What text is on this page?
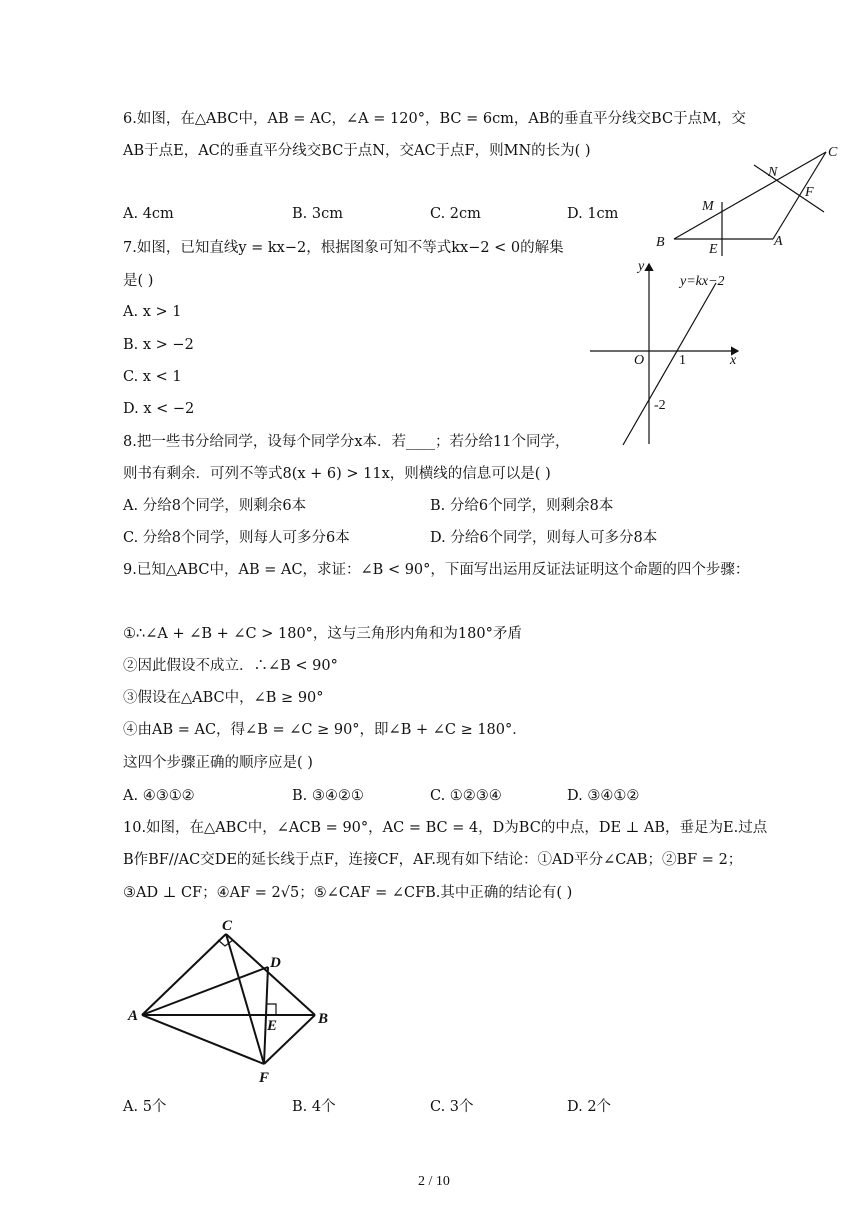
6.如图，在△ABC中，AB = AC，∠A = 120°，BC = 6cm，AB的垂直平分线交BC于点M，交
AB于点E，AC的垂直平分线交BC于点N，交AC于点F，则MN的长为( )
A. 4cm	B. 3cm	C. 2cm	D. 1cm
C
N
F
M
B	E
A
7.如图，已知直线y = kx−2，根据图象可知不等式kx−2 < 0的解集
是( )
A. x > 1
B. x > −2
C. x < 1
D. x < −2
y
y=kx−2
O 1	x
-2
8.把一些书分给同学，设每个同学分x本．若____；若分给11个同学，
则书有剩余．可列不等式8(x + 6) > 11x，则横线的信息可以是( )
A. 分给8个同学，则剩余6本	B. 分给6个同学，则剩余8本
C. 分给8个同学，则每人可多分6本	D. 分给6个同学，则每人可多分8本
9.已知△ABC中，AB = AC，求证：∠B < 90°，下面写出运用反证法证明这个命题的四个步骤：
①∴∠A + ∠B + ∠C > 180°，这与三角形内角和为180°矛盾
②因此假设不成立．∴∠B < 90°
③假设在△ABC中，∠B ≥ 90°
④由AB = AC，得∠B = ∠C ≥ 90°，即∠B + ∠C ≥ 180°．
这四个步骤正确的顺序应是( )
A. ④③①②	B. ③④②①	C. ①②③④	D. ③④①②
10.如图，在△ABC中，∠ACB = 90°，AC = BC = 4，D为BC的中点，DE ⊥ AB，垂足为E.过点
B作BF//AC交DE的延长线于点F，连接CF，AF.现有如下结论：①AD平分∠CAB；②BF = 2；
③AD ⊥ CF；④AF = 2√5；⑤∠CAF = ∠CFB.其中正确的结论有( )
C
D
A
E	B
F
A. 5个	B. 4个	C. 3个	D. 2个
2 / 10
